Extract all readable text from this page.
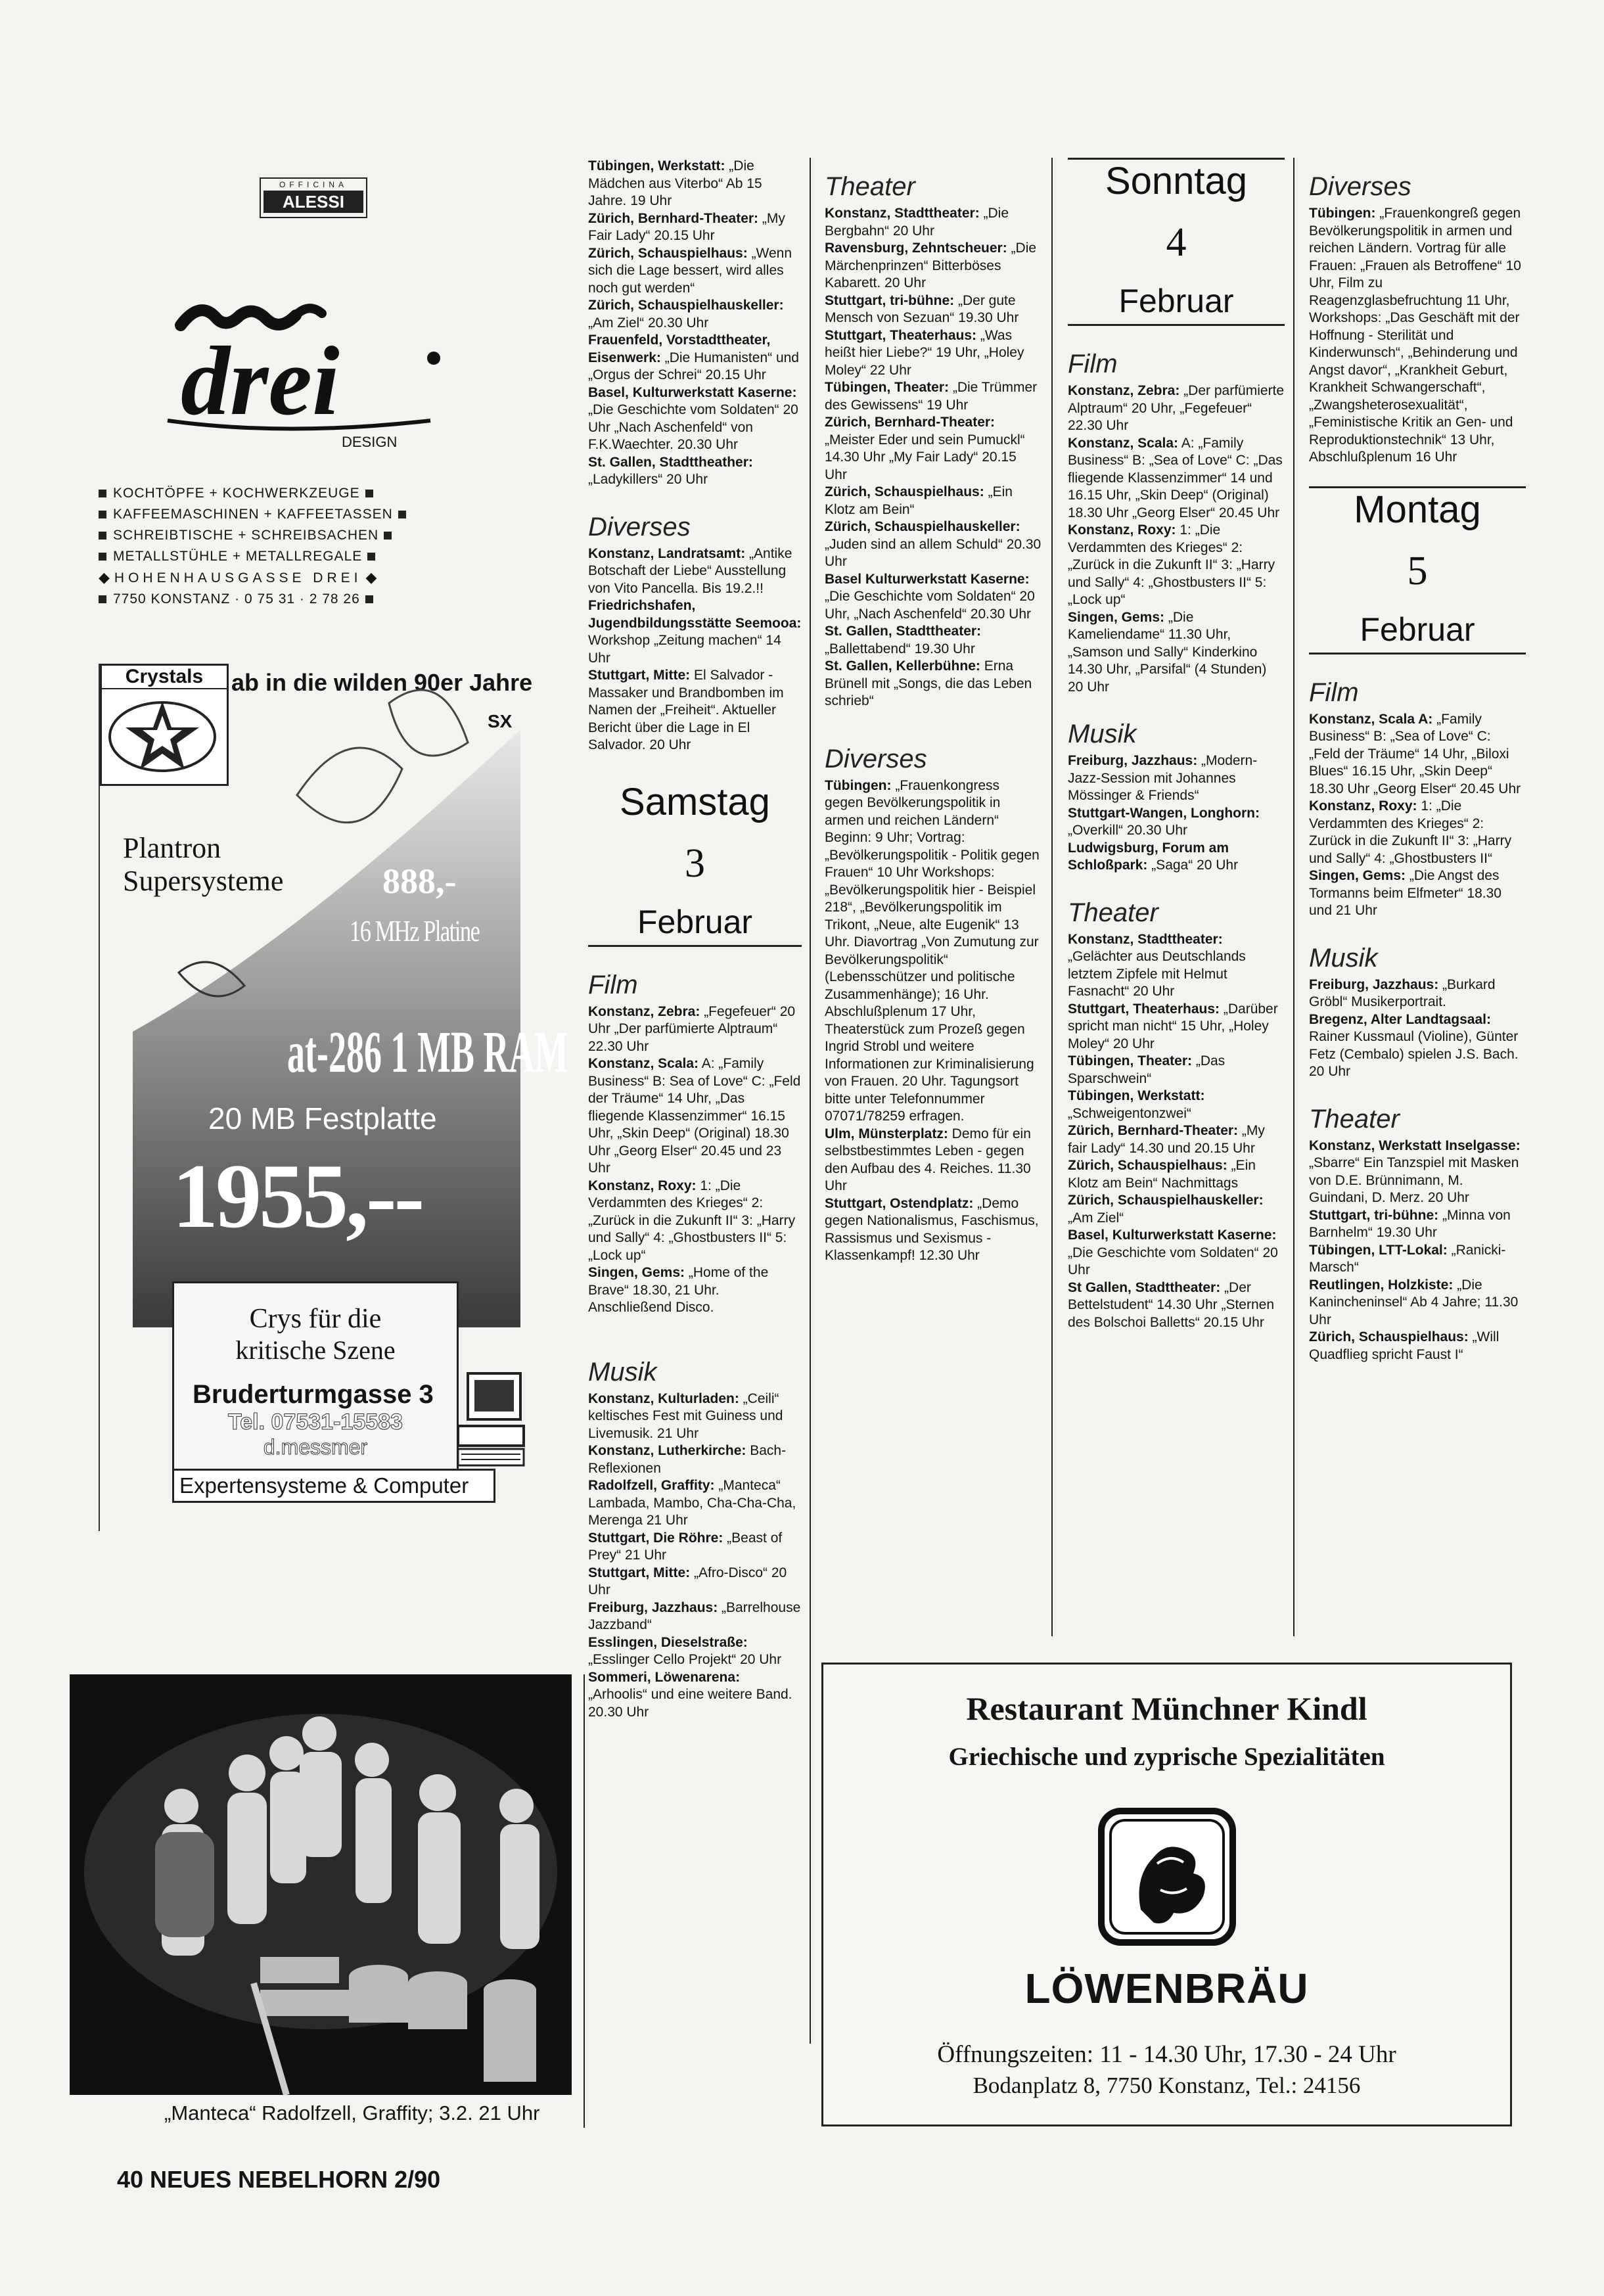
OFFICINA
ALESSI
drei
DESIGN
KOCHTÖPFE + KOCHWERKZEUGE
KAFFEEMASCHINEN + KAFFEETASSEN
SCHREIBTISCHE + SCHREIBSACHEN
METALLSTÜHLE + METALLREGALE
◆ HOHENHAUSGASSE DREI ◆
7750 KONSTANZ · 0 75 31 · 2 78 26
Crystals	ab in die wilden 90er Jahre
SX
Plantron
Supersysteme	888,-
16 MHz Platine
at-286 1 MB RAM
20 MB Festplatte
1955,--
Crys für die
kritische Szene
Bruderturmgasse 3
Tel. 07531-15583
d.messmer
Expertensysteme & Computer
„Manteca“ Radolfzell, Graffity; 3.2. 21 Uhr
40 NEUES NEBELHORN 2/90

Tübingen, Werkstatt: „Die Mädchen aus Viterbo“ Ab 15 Jahre. 19 Uhr

Zürich, Bernhard-Theater: „My Fair Lady“ 20.15 Uhr

Zürich, Schauspielhaus: „Wenn sich die Lage bessert, wird alles noch gut werden“

Zürich, Schauspielhauskeller: „Am Ziel“ 20.30 Uhr

Frauenfeld, Vorstadttheater, Eisenwerk: „Die Humanisten“ und „Orgus der Schrei“ 20.15 Uhr

Basel, Kulturwerkstatt Kaserne: „Die Geschichte vom Soldaten“ 20 Uhr „Nach Aschenfeld“ von F.K.Waechter. 20.30 Uhr

St. Gallen, Stadttheather: „Ladykillers“ 20 Uhr

Diverses

Konstanz, Landratsamt: „Antike Botschaft der Liebe“ Ausstellung von Vito Pancella. Bis 19.2.!!

Friedrichshafen, Jugendbildungsstätte Seemooa: Workshop „Zeitung machen“ 14 Uhr

Stuttgart, Mitte: El Salvador - Massaker und Brandbomben im Namen der „Freiheit“. Aktueller Bericht über die Lage in El Salvador. 20 Uhr

Samstag
3
Februar
Film

Konstanz, Zebra: „Fegefeuer“ 20 Uhr „Der parfümierte Alptraum“ 22.30 Uhr

Konstanz, Scala: A: „Family Business“ B: Sea of Love“ C: „Feld der Träume“ 14 Uhr, „Das fliegende Klassenzimmer“ 16.15 Uhr, „Skin Deep“ (Original) 18.30 Uhr „Georg Elser“ 20.45 und 23 Uhr

Konstanz, Roxy: 1: „Die Verdammten des Krieges“ 2: „Zurück in die Zukunft II“ 3: „Harry und Sally“ 4: „Ghostbusters II“ 5: „Lock up“

Singen, Gems: „Home of the Brave“ 18.30, 21 Uhr. Anschließend Disco.

Musik

Konstanz, Kulturladen: „Ceili“ keltisches Fest mit Guiness und Livemusik. 21 Uhr

Konstanz, Lutherkirche: Bach-Reflexionen

Radolfzell, Graffity: „Manteca“ Lambada, Mambo, Cha-Cha-Cha, Merenga 21 Uhr

Stuttgart, Die Röhre: „Beast of Prey“ 21 Uhr

Stuttgart, Mitte: „Afro-Disco“ 20 Uhr

Freiburg, Jazzhaus: „Barrelhouse Jazzband“

Esslingen, Dieselstraße: „Esslinger Cello Projekt“ 20 Uhr

Sommeri, Löwenarena: „Arhoolis“ und eine weitere Band. 20.30 Uhr

Theater

Konstanz, Stadttheater: „Die Bergbahn“ 20 Uhr

Ravensburg, Zehntscheuer: „Die Märchenprinzen“ Bitterböses Kabarett. 20 Uhr

Stuttgart, tri-bühne: „Der gute Mensch von Sezuan“ 19.30 Uhr

Stuttgart, Theaterhaus: „Was heißt hier Liebe?“ 19 Uhr, „Holey Moley“ 22 Uhr

Tübingen, Theater: „Die Trümmer des Gewissens“ 19 Uhr

Zürich, Bernhard-Theater: „Meister Eder und sein Pumuckl“ 14.30 Uhr „My Fair Lady“ 20.15 Uhr

Zürich, Schauspielhaus: „Ein Klotz am Bein“

Zürich, Schauspielhauskeller: „Juden sind an allem Schuld“ 20.30 Uhr

Basel Kulturwerkstatt Kaserne: „Die Geschichte vom Soldaten“ 20 Uhr, „Nach Aschenfeld“ 20.30 Uhr

St. Gallen, Stadttheater: „Ballettabend“ 19.30 Uhr

St. Gallen, Kellerbühne: Erna Brünell mit „Songs, die das Leben schrieb“

Diverses

Tübingen: „Frauenkongress gegen Bevölkerungspolitik in armen und reichen Ländern“ Beginn: 9 Uhr; Vortrag: „Bevölkerungspolitik - Politik gegen Frauen“ 10 Uhr Workshops: „Bevölkerungspolitik hier - Beispiel 218“, „Bevölkerungspolitik im Trikont, „Neue, alte Eugenik“ 13 Uhr. Diavortrag „Von Zumutung zur Bevölkerungspolitik“ (Lebensschützer und politische Zusammenhänge); 16 Uhr. Abschlußplenum 17 Uhr, Theaterstück zum Prozeß gegen Ingrid Strobl und weitere Informationen zur Kriminalisierung von Frauen. 20 Uhr. Tagungsort bitte unter Telefonnummer 07071/78259 erfragen.

Ulm, Münsterplatz: Demo für ein selbstbestimmtes Leben - gegen den Aufbau des 4. Reiches. 11.30 Uhr

Stuttgart, Ostendplatz: „Demo gegen Nationalismus, Faschismus, Rassismus und Sexismus - Klassenkampf! 12.30 Uhr

Sonntag
4
Februar
Film

Konstanz, Zebra: „Der parfümierte Alptraum“ 20 Uhr, „Fegefeuer“ 22.30 Uhr

Konstanz, Scala: A: „Family Business“ B: „Sea of Love“ C: „Das fliegende Klassenzimmer“ 14 und 16.15 Uhr, „Skin Deep“ (Original) 18.30 Uhr „Georg Elser“ 20.45 Uhr

Konstanz, Roxy: 1: „Die Verdammten des Krieges“ 2: „Zurück in die Zukunft II“ 3: „Harry und Sally“ 4: „Ghostbusters II“ 5: „Lock up“

Singen, Gems: „Die Kameliendame“ 11.30 Uhr, „Samson und Sally“ Kinderkino 14.30 Uhr, „Parsifal“ (4 Stunden) 20 Uhr

Musik

Freiburg, Jazzhaus: „Modern-Jazz-Session mit Johannes Mössinger & Friends“

Stuttgart-Wangen, Longhorn: „Overkill“ 20.30 Uhr

Ludwigsburg, Forum am Schloßpark: „Saga“ 20 Uhr

Theater

Konstanz, Stadttheater: „Gelächter aus Deutschlands letztem Zipfele mit Helmut Fasnacht“ 20 Uhr

Stuttgart, Theaterhaus: „Darüber spricht man nicht“ 15 Uhr, „Holey Moley“ 20 Uhr

Tübingen, Theater: „Das Sparschwein“

Tübingen, Werkstatt: „Schweigentonzwei“

Zürich, Bernhard-Theater: „My fair Lady“ 14.30 und 20.15 Uhr

Zürich, Schauspielhaus: „Ein Klotz am Bein“ Nachmittags

Zürich, Schauspielhauskeller: „Am Ziel“

Basel, Kulturwerkstatt Kaserne: „Die Geschichte vom Soldaten“ 20 Uhr

St Gallen, Stadttheater: „Der Bettelstudent“ 14.30 Uhr „Sternen des Bolschoi Balletts“ 20.15 Uhr

Diverses

Tübingen: „Frauenkongreß gegen Bevölkerungspolitik in armen und reichen Ländern. Vortrag für alle Frauen: „Frauen als Betroffene“ 10 Uhr, Film zu Reagenzglasbefruchtung 11 Uhr, Workshops: „Das Geschäft mit der Hoffnung - Sterilität und Kinderwunsch“, „Behinderung und Angst davor“, „Krankheit Geburt, Krankheit Schwangerschaft“, „Zwangsheterosexualität“, „Feministische Kritik an Gen- und Reproduktionstechnik“ 13 Uhr, Abschlußplenum 16 Uhr

Montag
5
Februar
Film

Konstanz, Scala A: „Family Business“ B: „Sea of Love“ C: „Feld der Träume“ 14 Uhr, „Biloxi Blues“ 16.15 Uhr, „Skin Deep“ 18.30 Uhr „Georg Elser“ 20.45 Uhr

Konstanz, Roxy: 1: „Die Verdammten des Krieges“ 2: Zurück in die Zukunft II“ 3: „Harry und Sally“ 4: „Ghostbusters II“

Singen, Gems: „Die Angst des Tormanns beim Elfmeter“ 18.30 und 21 Uhr

Musik

Freiburg, Jazzhaus: „Burkard Gröbl“ Musikerportrait.

Bregenz, Alter Landtagsaal: Rainer Kussmaul (Violine), Günter Fetz (Cembalo) spielen J.S. Bach. 20 Uhr

Theater

Konstanz, Werkstatt Inselgasse: „Sbarre“ Ein Tanzspiel mit Masken von D.E. Brünnimann, M. Guindani, D. Merz. 20 Uhr

Stuttgart, tri-bühne: „Minna von Barnhelm“ 19.30 Uhr

Tübingen, LTT-Lokal: „Ranicki-Marsch“

Reutlingen, Holzkiste: „Die Kanincheninsel“ Ab 4 Jahre; 11.30 Uhr

Zürich, Schauspielhaus: „Will Quadflieg spricht Faust I“

Restaurant Münchner Kindl
Griechische und zyprische Spezialitäten
LÖWENBRÄU
Öffnungszeiten: 11 - 14.30 Uhr, 17.30 - 24 Uhr
Bodanplatz 8, 7750 Konstanz, Tel.: 24156
